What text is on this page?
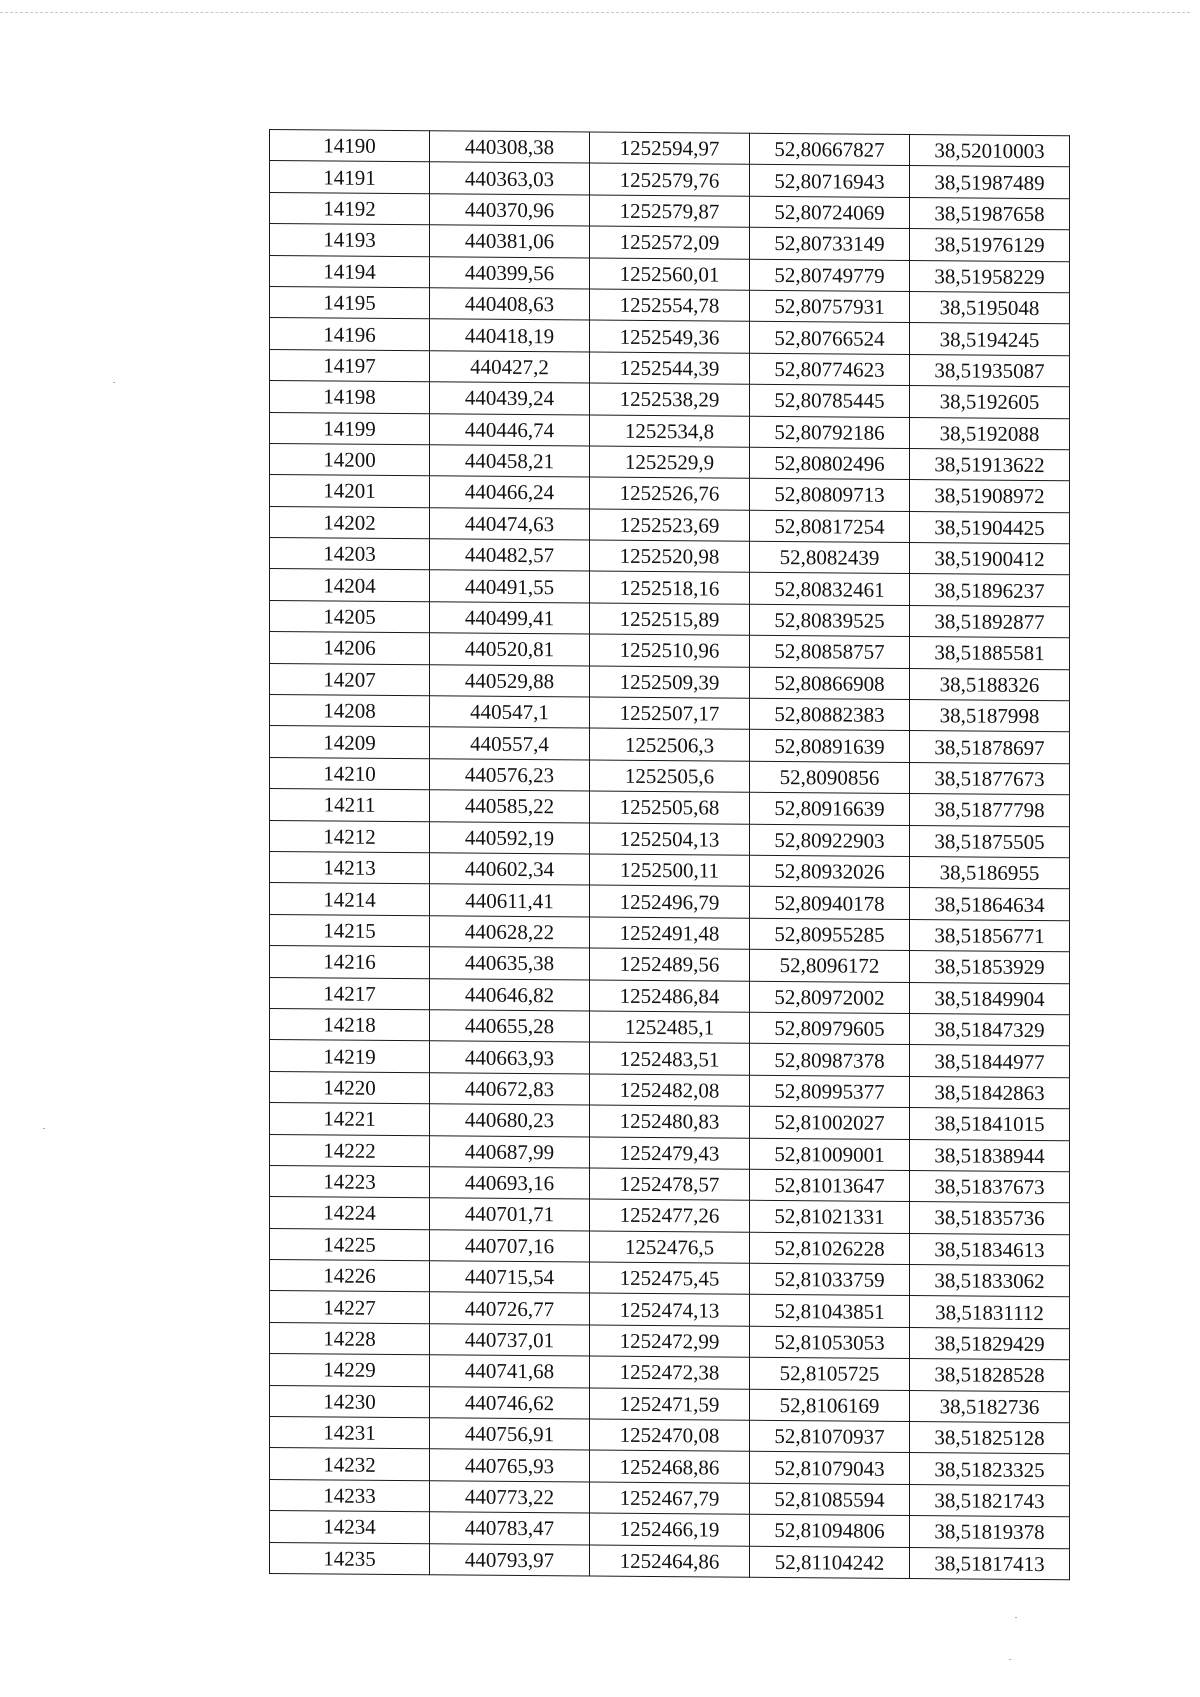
14190	440308,38	1252594,97	52,80667827	38,52010003
14191	440363,03	1252579,76	52,80716943	38,51987489
14192	440370,96	1252579,87	52,80724069	38,51987658
14193	440381,06	1252572,09	52,80733149	38,51976129
14194	440399,56	1252560,01	52,80749779	38,51958229
14195	440408,63	1252554,78	52,80757931	38,5195048
14196	440418,19	1252549,36	52,80766524	38,5194245
14197	440427,2	1252544,39	52,80774623	38,51935087
14198	440439,24	1252538,29	52,80785445	38,5192605
14199	440446,74	1252534,8	52,80792186	38,5192088
14200	440458,21	1252529,9	52,80802496	38,51913622
14201	440466,24	1252526,76	52,80809713	38,51908972
14202	440474,63	1252523,69	52,80817254	38,51904425
14203	440482,57	1252520,98	52,8082439	38,51900412
14204	440491,55	1252518,16	52,80832461	38,51896237
14205	440499,41	1252515,89	52,80839525	38,51892877
14206	440520,81	1252510,96	52,80858757	38,51885581
14207	440529,88	1252509,39	52,80866908	38,5188326
14208	440547,1	1252507,17	52,80882383	38,5187998
14209	440557,4	1252506,3	52,80891639	38,51878697
14210	440576,23	1252505,6	52,8090856	38,51877673
14211	440585,22	1252505,68	52,80916639	38,51877798
14212	440592,19	1252504,13	52,80922903	38,51875505
14213	440602,34	1252500,11	52,80932026	38,5186955
14214	440611,41	1252496,79	52,80940178	38,51864634
14215	440628,22	1252491,48	52,80955285	38,51856771
14216	440635,38	1252489,56	52,8096172	38,51853929
14217	440646,82	1252486,84	52,80972002	38,51849904
14218	440655,28	1252485,1	52,80979605	38,51847329
14219	440663,93	1252483,51	52,80987378	38,51844977
14220	440672,83	1252482,08	52,80995377	38,51842863
14221	440680,23	1252480,83	52,81002027	38,51841015
14222	440687,99	1252479,43	52,81009001	38,51838944
14223	440693,16	1252478,57	52,81013647	38,51837673
14224	440701,71	1252477,26	52,81021331	38,51835736
14225	440707,16	1252476,5	52,81026228	38,51834613
14226	440715,54	1252475,45	52,81033759	38,51833062
14227	440726,77	1252474,13	52,81043851	38,51831112
14228	440737,01	1252472,99	52,81053053	38,51829429
14229	440741,68	1252472,38	52,8105725	38,51828528
14230	440746,62	1252471,59	52,8106169	38,5182736
14231	440756,91	1252470,08	52,81070937	38,51825128
14232	440765,93	1252468,86	52,81079043	38,51823325
14233	440773,22	1252467,79	52,81085594	38,51821743
14234	440783,47	1252466,19	52,81094806	38,51819378
14235	440793,97	1252464,86	52,81104242	38,51817413
